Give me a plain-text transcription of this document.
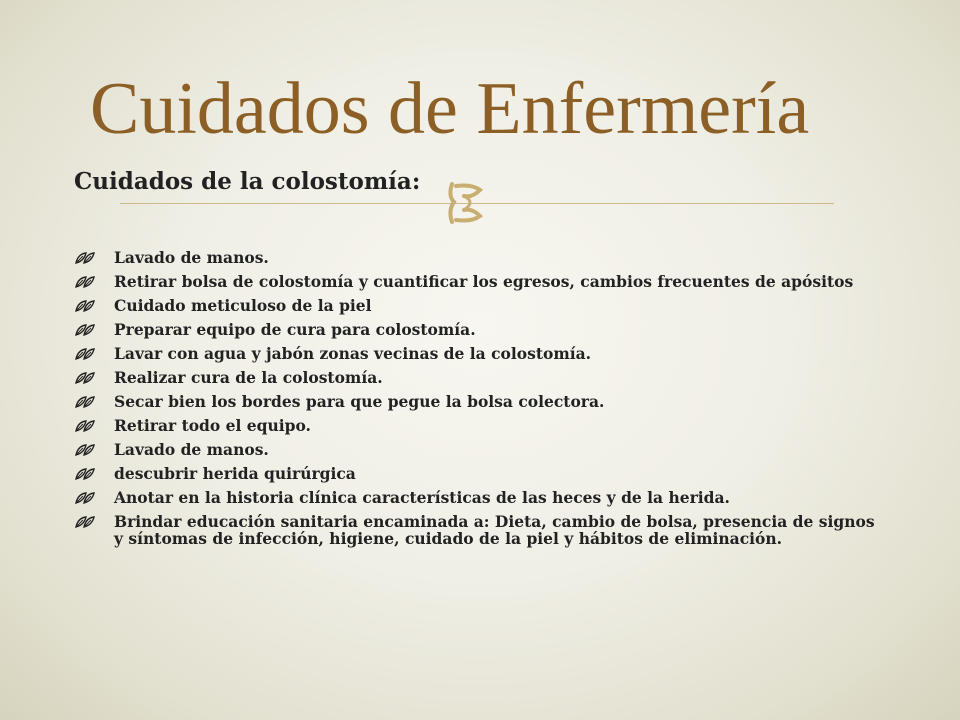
Cuidados de Enfermería
Cuidados de la colostomía:
Lavado de manos.
Retirar bolsa de colostomía y cuantificar los egresos, cambios frecuentes de apósitos
Cuidado meticuloso de la piel
Preparar equipo de cura para colostomía.
Lavar con agua y jabón zonas vecinas de la colostomía.
Realizar cura de la colostomía.
Secar bien los bordes para que pegue la bolsa colectora.
Retirar todo el equipo.
Lavado de manos.
descubrir herida quirúrgica
Anotar en la historia clínica características de las heces y de la herida.
Brindar educación sanitaria encaminada a: Dieta, cambio de bolsa, presencia de signos y síntomas de infección, higiene, cuidado de la piel y hábitos de eliminación.
